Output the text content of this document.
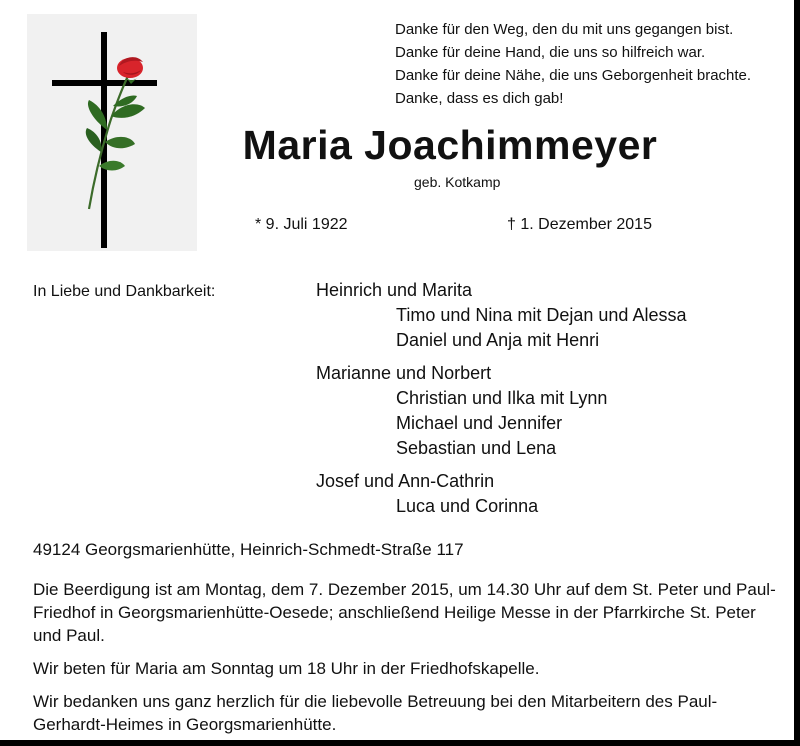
Danke für den Weg, den du mit uns gegangen bist.
Danke für deine Hand, die uns so hilfreich war.
Danke für deine Nähe, die uns Geborgenheit brachte.
Danke, dass es dich gab!
Maria Joachimmeyer
geb. Kotkamp
* 9. Juli 1922	† 1. Dezember 2015
In Liebe und Dankbarkeit:	Heinrich und Marita
Timo und Nina mit Dejan und Alessa
Daniel und Anja mit Henri
Marianne und Norbert
Christian und Ilka mit Lynn
Michael und Jennifer
Sebastian und Lena
Josef und Ann-Cathrin
Luca und Corinna
49124 Georgsmarienhütte, Heinrich-Schmedt-Straße 117

Die Beerdigung ist am Montag, dem 7. Dezember 2015, um 14.30 Uhr auf dem St. Peter und Paul-Friedhof in Georgsmarienhütte-Oesede; anschließend Heilige Messe in der Pfarrkirche St. Peter und Paul.

Wir beten für Maria am Sonntag um 18 Uhr in der Friedhofskapelle.

Wir bedanken uns ganz herzlich für die liebevolle Betreuung bei den Mitarbeitern des Paul-Gerhardt-Heimes in Georgsmarienhütte.
